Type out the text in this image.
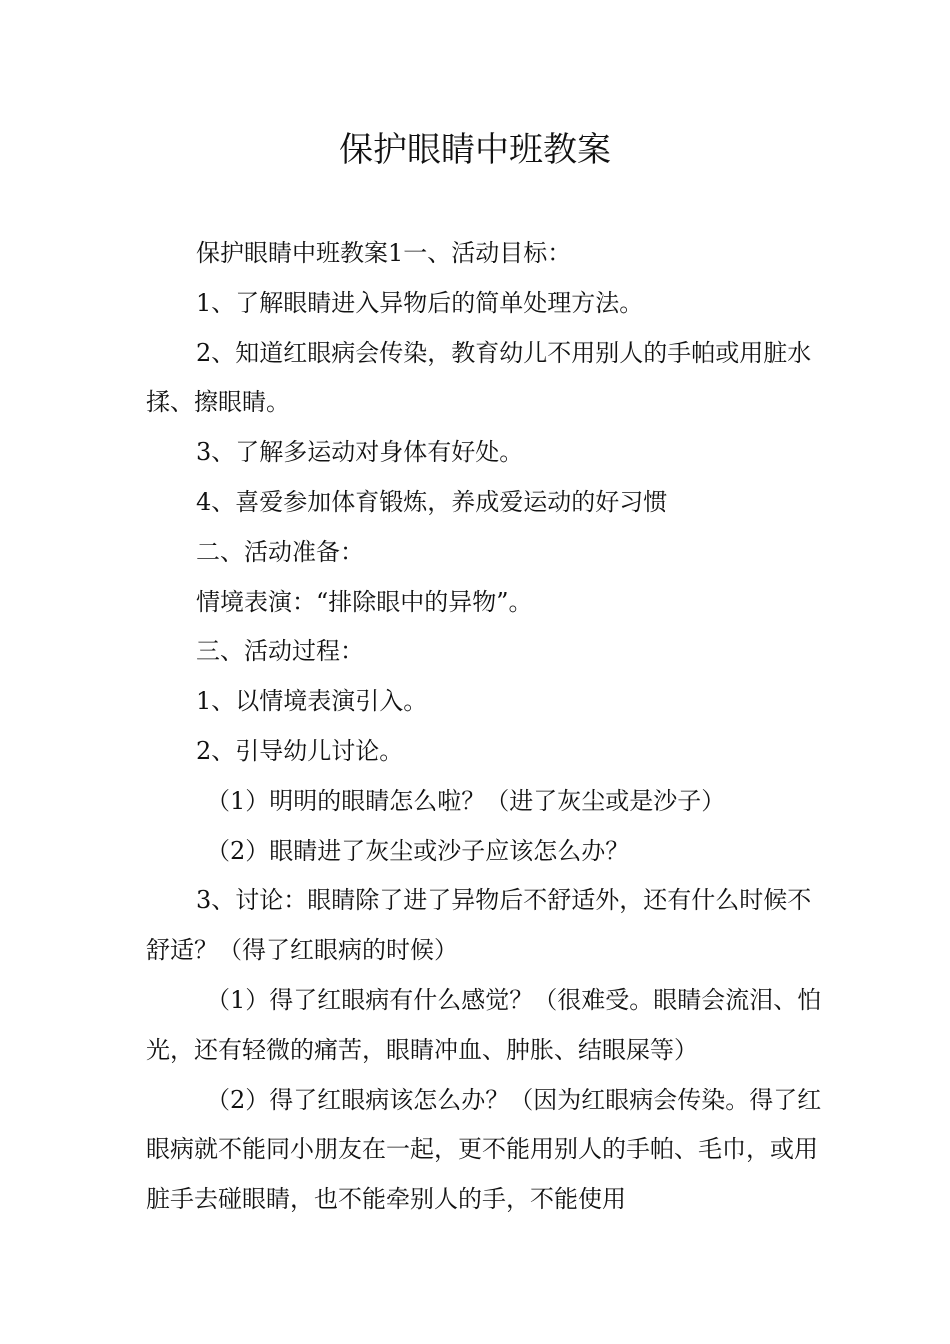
保护眼睛中班教案

保护眼睛中班教案1一、活动目标：

1、了解眼睛进入异物后的简单处理方法。

2、知道红眼病会传染，教育幼儿不用别人的手帕或用脏水揉、擦眼睛。

3、了解多运动对身体有好处。

4、喜爱参加体育锻炼，养成爱运动的好习惯

二、活动准备：

情境表演：“排除眼中的异物”。

三、活动过程：

1、以情境表演引入。

2、引导幼儿讨论。

（1）明明的眼睛怎么啦？（进了灰尘或是沙子）

（2）眼睛进了灰尘或沙子应该怎么办？

3、讨论：眼睛除了进了异物后不舒适外，还有什么时候不舒适？（得了红眼病的时候）

（1）得了红眼病有什么感觉？（很难受。眼睛会流泪、怕光，还有轻微的痛苦，眼睛冲血、肿胀、结眼屎等）

（2）得了红眼病该怎么办？（因为红眼病会传染。得了红眼病就不能同小朋友在一起，更不能用别人的手帕、毛巾，或用脏手去碰眼睛，也不能牵别人的手，不能使用
